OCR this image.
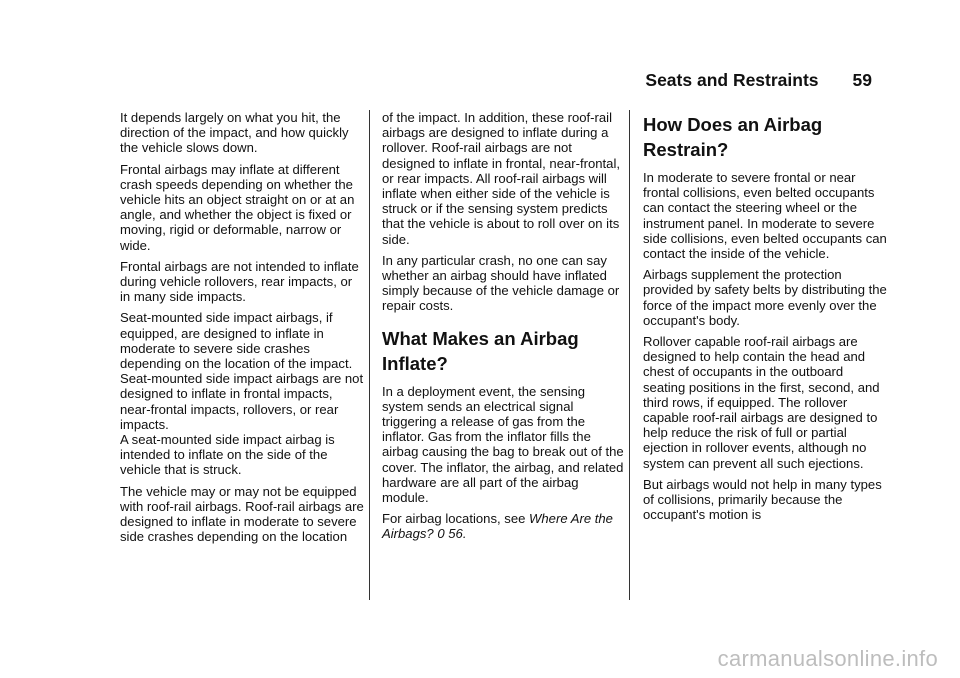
Seats and Restraints 59

It depends largely on what you hit, the direction of the impact, and how quickly the vehicle slows down.

Frontal airbags may inflate at different crash speeds depending on whether the vehicle hits an object straight on or at an angle, and whether the object is fixed or moving, rigid or deformable, narrow or wide.

Frontal airbags are not intended to inflate during vehicle rollovers, rear impacts, or in many side impacts.

Seat-mounted side impact airbags, if equipped, are designed to inflate in moderate to severe side crashes depending on the location of the impact. Seat-mounted side impact airbags are not designed to inflate in frontal impacts, near-frontal impacts, rollovers, or rear impacts.

A seat-mounted side impact airbag is intended to inflate on the side of the vehicle that is struck.

The vehicle may or may not be equipped with roof-rail airbags. Roof-rail airbags are designed to inflate in moderate to severe side crashes depending on the location

of the impact. In addition, these roof-rail airbags are designed to inflate during a rollover. Roof-rail airbags are not designed to inflate in frontal, near-frontal, or rear impacts. All roof-rail airbags will inflate when either side of the vehicle is struck or if the sensing system predicts that the vehicle is about to roll over on its side.

In any particular crash, no one can say whether an airbag should have inflated simply because of the vehicle damage or repair costs.

What Makes an Airbag Inflate?

In a deployment event, the sensing system sends an electrical signal triggering a release of gas from the inflator. Gas from the inflator fills the airbag causing the bag to break out of the cover. The inflator, the airbag, and related hardware are all part of the airbag module.

For airbag locations, see Where Are the Airbags? 0 56.

How Does an Airbag Restrain?

In moderate to severe frontal or near frontal collisions, even belted occupants can contact the steering wheel or the instrument panel. In moderate to severe side collisions, even belted occupants can contact the inside of the vehicle.

Airbags supplement the protection provided by safety belts by distributing the force of the impact more evenly over the occupant's body.

Rollover capable roof-rail airbags are designed to help contain the head and chest of occupants in the outboard seating positions in the first, second, and third rows, if equipped. The rollover capable roof-rail airbags are designed to help reduce the risk of full or partial ejection in rollover events, although no system can prevent all such ejections.

But airbags would not help in many types of collisions, primarily because the occupant's motion is

carmanualsonline.info
